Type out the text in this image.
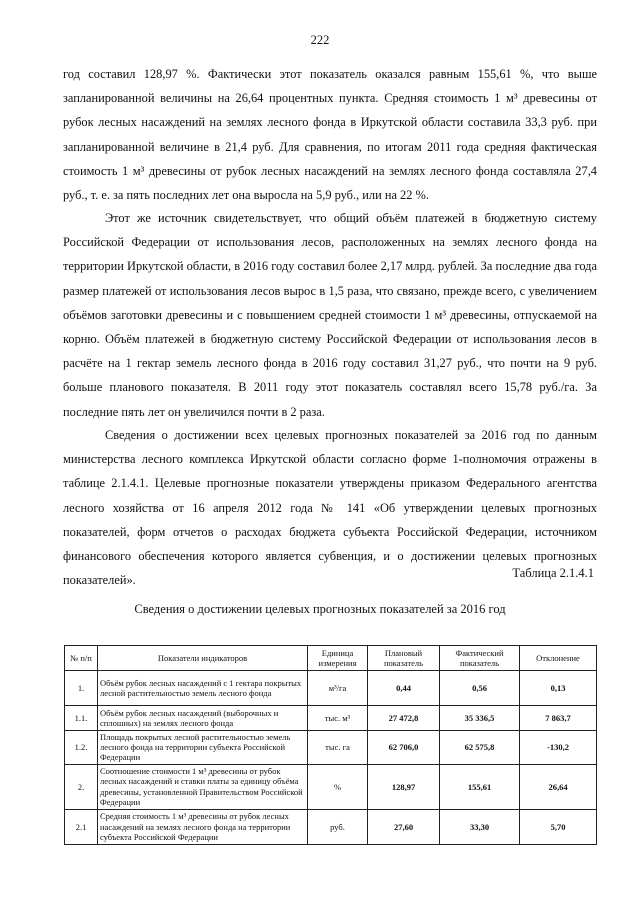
222

год составил 128,97 %. Фактически этот показатель оказался равным 155,61 %, что выше запланированной величины на 26,64 процентных пункта. Средняя стоимость 1 м³ древесины от рубок лесных насаждений на землях лесного фонда в Иркутской области составила 33,3 руб. при запланированной величине в 21,4 руб. Для сравнения, по итогам 2011 года средняя фактическая стоимость 1 м³ древесины от рубок лесных насаждений на землях лесного фонда составляла 27,4 руб., т. е. за пять последних лет она выросла на 5,9 руб., или на 22 %.

Этот же источник свидетельствует, что общий объём платежей в бюджетную систему Российской Федерации от использования лесов, расположенных на землях лесного фонда на территории Иркутской области, в 2016 году составил более 2,17 млрд. рублей. За последние два года размер платежей от использования лесов вырос в 1,5 раза, что связано, прежде всего, с увеличением объёмов заготовки древесины и с повышением средней стоимости 1 м³ древесины, отпускаемой на корню. Объём платежей в бюджетную систему Российской Федерации от использования лесов в расчёте на 1 гектар земель лесного фонда в 2016 году составил 31,27 руб., что почти на 9 руб. больше планового показателя. В 2011 году этот показатель составлял всего 15,78 руб./га. За последние пять лет он увеличился почти в 2 раза.

Сведения о достижении всех целевых прогнозных показателей за 2016 год по данным министерства лесного комплекса Иркутской области согласно форме 1-полномочия отражены в таблице 2.1.4.1. Целевые прогнозные показатели утверждены приказом Федерального агентства лесного хозяйства от 16 апреля 2012 года № 141 «Об утверждении целевых прогнозных показателей, форм отчетов о расходах бюджета субъекта Российской Федерации, источником финансового обеспечения которого является субвенция, и о достижении целевых прогнозных показателей».

Таблица 2.1.4.1
Сведения о достижении целевых прогнозных показателей за 2016 год
№ п/п	Показатели индикаторов	Единица измерения	Плановый показатель	Фактический показатель	Отклонение
1.	Объём рубок лесных насаждений с 1 гектара покрытых лесной растительностью земель лесного фонда	м³/га	0,44	0,56	0,13
1.1.	Объём рубок лесных насаждений (выборочных и сплошных) на землях лесного фонда	тыс. м³	27 472,8	35 336,5	7 863,7
1.2.	Площадь покрытых лесной растительностью земель лесного фонда на территории субъекта Российской Федерации	тыс. га	62 706,0	62 575,8	-130,2
2.	Соотношение стоимости 1 м³ древесины от рубок лесных насаждений и ставки платы за единицу объёма древесины, установленной Правительством Российской Федерации	%	128,97	155,61	26,64
2.1	Средняя стоимость 1 м³ древесины от рубок лесных насаждений на землях лесного фонда на территории субъекта Российской Федерации	руб.	27,60	33,30	5,70
